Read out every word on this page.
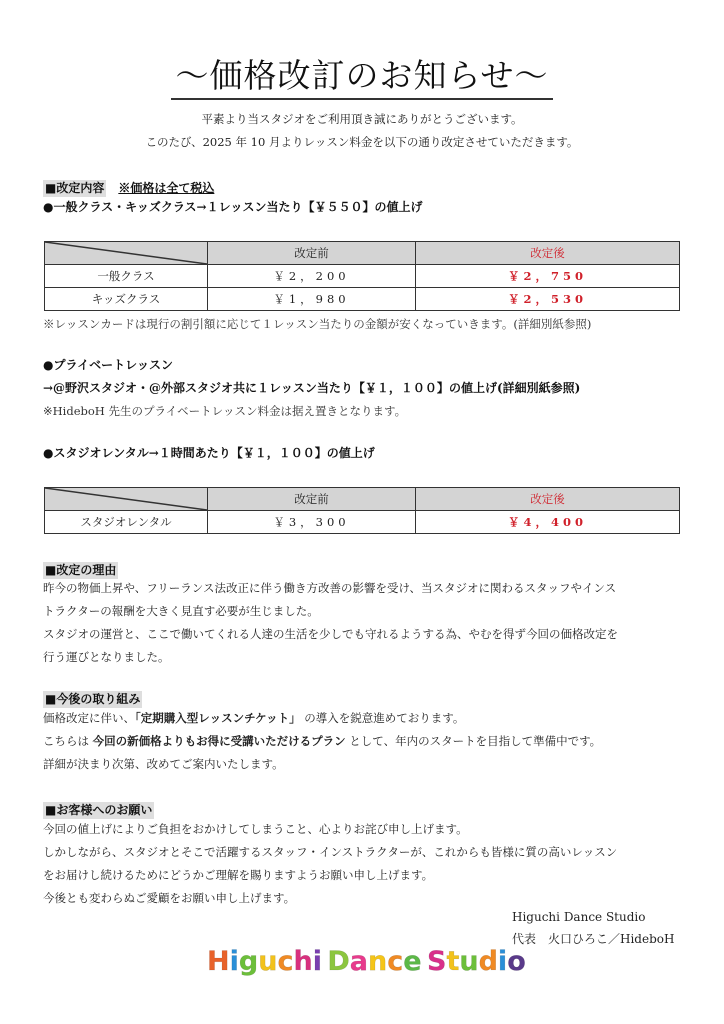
～価格改訂のお知らせ～
平素より当スタジオをご利用頂き誠にありがとうございます。
このたび、2025 年 10 月よりレッスン料金を以下の通り改定させていただきます。
■改定内容 ※価格は全て税込
●一般クラス・キッズクラス→１レッスン当たり【￥５５０】の値上げ
	改定前	改定後
一般クラス	￥2，200	￥2，750
キッズクラス	￥1，980	￥2，530
※レッスンカードは現行の割引額に応じて１レッスン当たりの金額が安くなっていきます。(詳細別紙参照)
●プライベートレッスン
→@野沢スタジオ・@外部スタジオ共に１レッスン当たり【￥１，１００】の値上げ(詳細別紙参照)
※HideboH 先生のプライベートレッスン料金は据え置きとなります。
●スタジオレンタル→１時間あたり【￥１，１００】の値上げ
	改定前	改定後
スタジオレンタル	￥3，300	￥4，400
■改定の理由
昨今の物価上昇や、フリーランス法改正に伴う働き方改善の影響を受け、当スタジオに関わるスタッフやインス
トラクターの報酬を大きく見直す必要が生じました。
スタジオの運営と、ここで働いてくれる人達の生活を少しでも守れるようする為、やむを得ず今回の価格改定を
行う運びとなりました。
■今後の取り組み
価格改定に伴い、「定期購入型レッスンチケット」 の導入を鋭意進めております。
こちらは 今回の新価格よりもお得に受講いただけるプラン として、年内のスタートを目指して準備中です。
詳細が決まり次第、改めてご案内いたします。
■お客様へのお願い
今回の値上げによりご負担をおかけしてしまうこと、心よりお詫び申し上げます。
しかしながら、スタジオとそこで活躍するスタッフ・インストラクターが、これからも皆様に質の高いレッスン
をお届けし続けるためにどうかご理解を賜りますようお願い申し上げます。
今後とも変わらぬご愛顧をお願い申し上げます。
Higuchi Dance Studio
代表　火口ひろこ／HideboH
Higuchi  Dance  Studio
